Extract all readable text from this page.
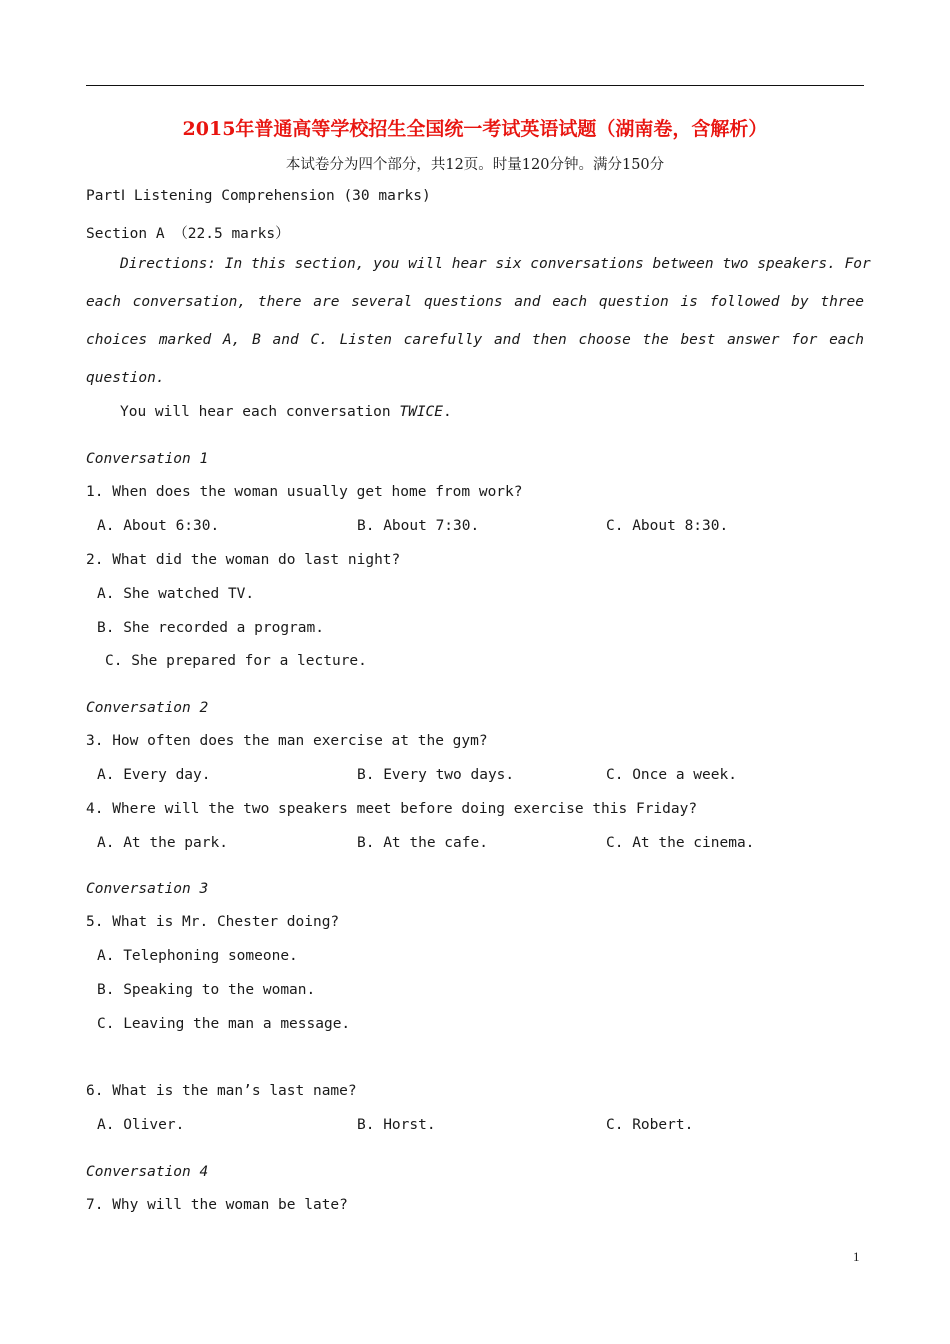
2015年普通高等学校招生全国统一考试英语试题（湖南卷，含解析）
本试卷分为四个部分，共12页。时量120分钟。满分150分
PartⅠ Listening Comprehension (30 marks)
Section A （22.5 marks）
Directions: In this section, you will hear six conversations between two speakers. For
each conversation, there are several questions and each question is followed by three
choices marked A, B and C. Listen carefully and then choose the best answer for each
question.
You will hear each conversation TWICE.
Conversation 1
1. When does the woman usually get home from work?
A. About 6:30.	B. About 7:30.	C. About 8:30.
2. What did the woman do last night?
A. She watched TV.
B. She recorded a program.
C. She prepared for a lecture.
Conversation 2
3. How often does the man exercise at the gym?
A. Every day.	B. Every two days.	C. Once a week.
4. Where will the two speakers meet before doing exercise this Friday?
A. At the park.	B. At the cafe.	C. At the cinema.
Conversation 3
5. What is Mr. Chester doing?
A. Telephoning someone.
B. Speaking to the woman.
C. Leaving the man a message.
6. What is the man’s last name?
A. Oliver.	B. Horst.	C. Robert.
Conversation 4
7. Why will the woman be late?
1
